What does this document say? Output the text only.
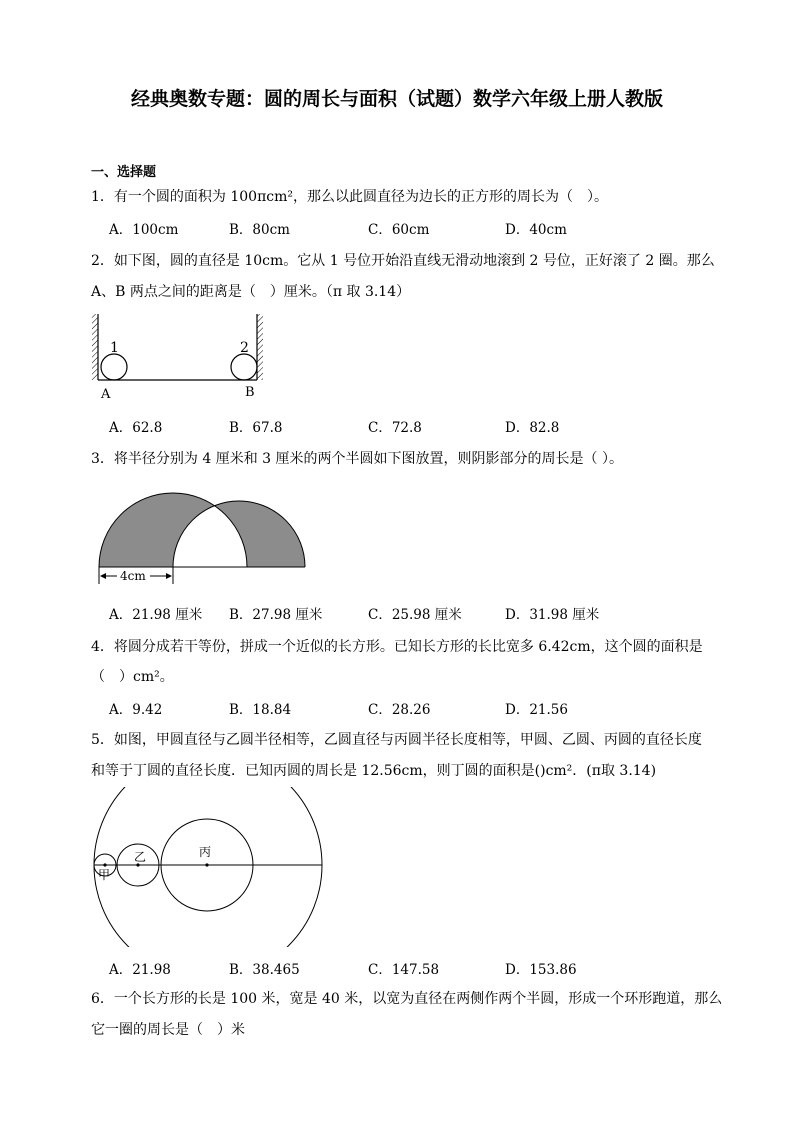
经典奥数专题：圆的周长与面积（试题）数学六年级上册人教版
一、选择题
1．有一个圆的面积为 100πcm²，那么以此圆直径为边长的正方形的周长为（　）。
A．100cm	B．80cm	C．60cm	D．40cm
2．如下图，圆的直径是 10cm。它从 1 号位开始沿直线无滑动地滚到 2 号位，正好滚了 2 圈。那么
A、B 两点之间的距离是（　）厘米。（π 取 3.14）
1	2
A	B
A．62.8	B．67.8	C．72.8	D．82.8
3．将半径分别为 4 厘米和 3 厘米的两个半圆如下图放置，则阴影部分的周长是（ ）。
4cm
A．21.98 厘米 B．27.98 厘米	C．25.98 厘米	D．31.98 厘米
4．将圆分成若干等份，拼成一个近似的长方形。已知长方形的长比宽多 6.42cm，这个圆的面积是
（　）cm²。
A．9.42	B．18.84	C．28.26	D．21.56
5．如图，甲圆直径与乙圆半径相等，乙圆直径与丙圆半径长度相等，甲圆、乙圆、丙圆的直径长度
和等于丁圆的直径长度．已知丙圆的周长是 12.56cm，则丁圆的面积是()cm²．(π取 3.14)
甲
乙	丙
A．21.98	B．38.465	C．147.58	D．153.86
6．一个长方形的长是 100 米，宽是 40 米，以宽为直径在两侧作两个半圆，形成一个环形跑道，那么
它一圈的周长是（　）米
